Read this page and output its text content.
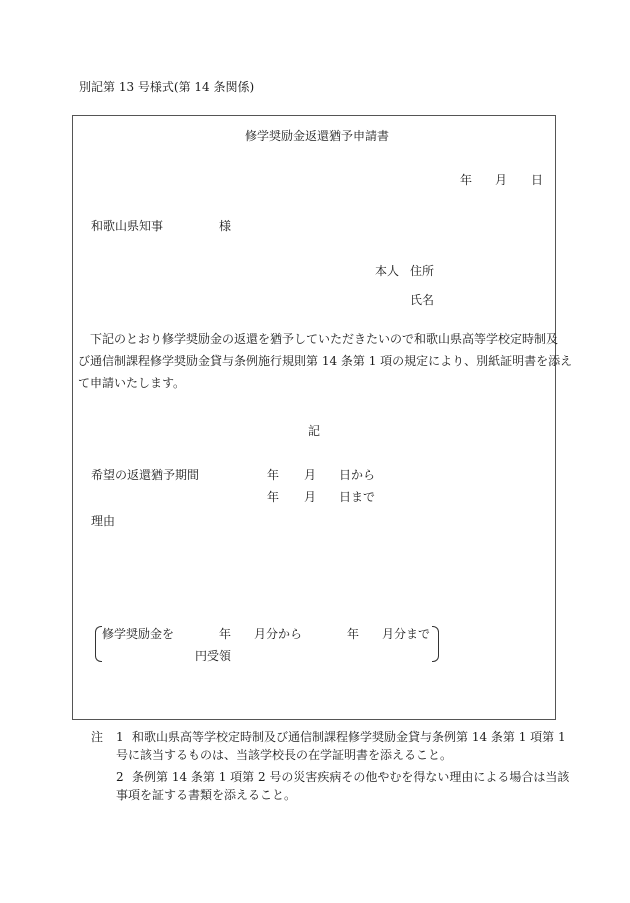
別記第 13 号様式(第 14 条関係)
修学奨励金返還猶予申請書
年 月 日
和歌山県知事	様
本人 住所
氏名

下記のとおり修学奨励金の返還を猶予していただきたいので和歌山県高等学校定時制及

び通信制課程修学奨励金貸与条例施行規則第 14 条第 1 項の規定により、別紙証明書を添え

て申請いたします。

記
希望の返還猶予期間	年 月 日から
年 月 日まで
理由
修学奨励金を	年 月分から	年 月分まで
円受領
注 1 和歌山県高等学校定時制及び通信制課程修学奨励金貸与条例第 14 条第 1 項第 1
号に該当するものは、当該学校長の在学証明書を添えること。
2 条例第 14 条第 1 項第 2 号の災害疾病その他やむを得ない理由による場合は当該
事項を証する書類を添えること。
